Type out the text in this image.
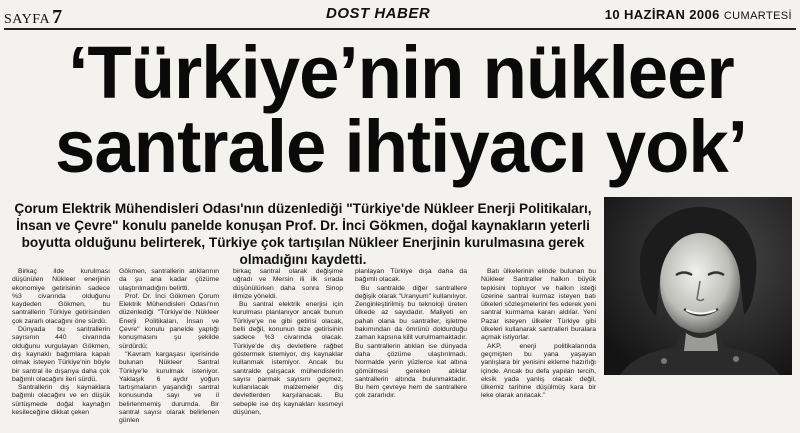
SAYFA 7	DOST HABER	10 HAZİRAN 2006 CUMARTESİ
‘Türkiye’nin nükleer
santrale ihtiyacı yok’

Çorum Elektrik Mühendisleri Odası'nın düzenlediği "Türkiye'de Nükleer Enerji Politikaları, İnsan ve Çevre" konulu panelde konuşan Prof. Dr. İnci Gökmen, doğal kaynakların yeterli boyutta olduğunu belirterek, Türkiye çok tartışılan Nükleer Enerjinin kurulmasına gerek olmadığını kaydetti.

Birkaç ilde kurulması düşünülen Nükleer enerjinin ekonomiye getirisinin sadece %3 civarında olduğunu kaydeden Gökmen, bu santrallerin Türkiye getirisinden çok zararlı olacağını öne sürdü.

Dünyada bu santrallerin sayısının 440 civarında olduğunu vurgulayan Gökmen, dış kaynaklı bağımlara kapalı olmak isteyen Türkiye'nin böyle bir santral ile dışarıya daha çok bağımlı olacağını ileri sürdü.

Santrallerin dış kaynaklara bağımlı olacağını ve en düşük sürtüşmede doğal kaynağın kesileceğine dikkat çeken

Gökmen, santrallerin atıklarının da şu ana kadar çözüme ulaştırılmadığını belirtti.

Prof. Dr. İnci Gökmen Çorum Elektrik Mühendisleri Odası'nın düzenlediği "Türkiye'de Nükleer Enerji Politikaları, İnsan ve Çevre" konulu panelde yaptığı konuşmasını şu şekilde sürdürdü;

"Kavram kargaşası içerisinde bulunan Nükleer Santral Türkiye'le kurulmak isteniyor. Yaklaşık 6 aydır yoğun tartışmaların yaşandığı santral konusunda sayı ve il belirlenmemiş durumda. Bir santral sayısı olarak belirlenen günlen

birkaç santral olarak değişime uğradı ve Mersin ili ilk sırada düşünülürken daha sonra Sinop ilimize yöneldi.

Bu santral elektrik enerjisi için kurulması planlanıyor ancak bunun Türkiye'ye ne gibi getirisi olacak, belli değil, konunun bize getirisinin sadece %3 civarında olacak. Türkiye'de dış devletlere rağbet göstermek istemiyor, dış kaynaklar kullanmak istemiyor. Ancak bu santralde çalışacak mühendislerin sayısı parmak sayısını geçmez, kullanılacak malzemeler dış devletlerden karşılanacak. Bu sebeple ise dış kaynakları kesmeyi düşünen,

planlayan Türkiye dışa daha da bağımlı olacak.

Bu santralde diğer santrallere değişik olarak "Uranyum" kullanılıyor. Zenginleştirilmiş bu teknoloji üreten ülkede az sayıdadır. Maliyeti en pahalı olana bu santraller, işletme bakımından da ömrünü doldurduğu zaman kapsına kilit vurulmamaktadır. Bu santrallerin atıkları ise dünyada daha çözüme ulaştırılmadı. Normalde yerin yüzlerce kat altına gömülmesi gereken atıklar santrallerin altında bulunmaktadır. Bu hem çevreye hem de santrallere çok zararlıdır.

Batı ülkelerinin elinde bulunan bu Nükleer Santraller halkın büyük tepkisini topluyor ve halkın isteği üzerine santral kurmaz isteyen batı ülkeleri sözleşmelerini fes ederek yeni santral kurmama kararı aldılar. Yeni Pazar isteyen ülkeler Türkiye gibi ülkeleri kullanarak santralleri buralara açmak istiyorlar.

AKP, enerji politikalarında geçmişten bu yana yaşayan yanlışlara bir yenisini ekleme hazırlığı içinde. Ancak bu defa yapılan tercih, eksik yada yanlış olacak değil, ülkemiz tarihine düşülmüş kara bir leke olarak anılacak."
